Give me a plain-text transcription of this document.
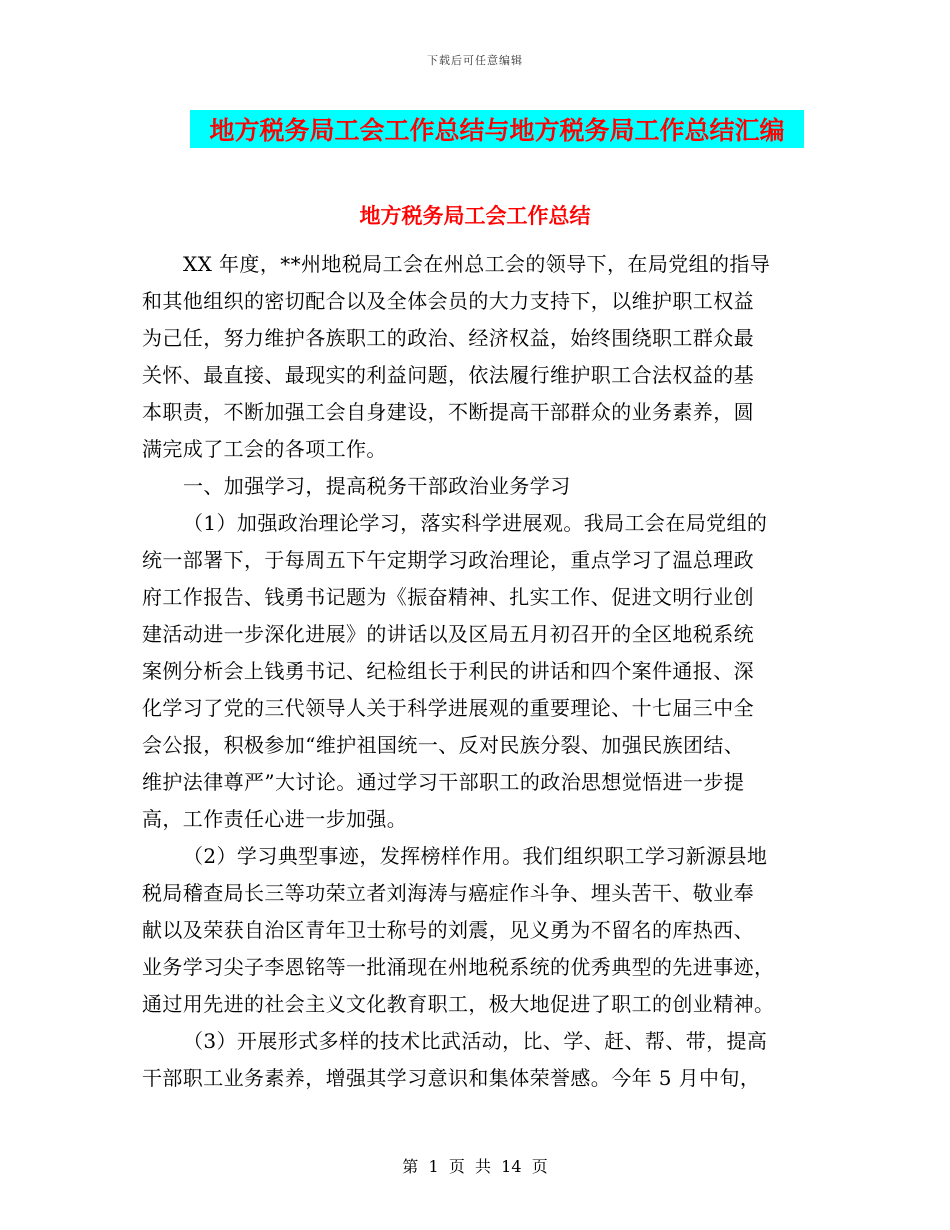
下载后可任意编辑
地方税务局工会工作总结与地方税务局工作总结汇编
地方税务局工会工作总结
XX 年度，**州地税局工会在州总工会的领导下，在局党组的指导
和其他组织的密切配合以及全体会员的大力支持下，以维护职工权益
为己任，努力维护各族职工的政治、经济权益，始终围绕职工群众最
关怀、最直接、最现实的利益问题，依法履行维护职工合法权益的基
本职责，不断加强工会自身建设，不断提高干部群众的业务素养，圆
满完成了工会的各项工作。
一、加强学习，提高税务干部政治业务学习
（1）加强政治理论学习，落实科学进展观。我局工会在局党组的
统一部署下，于每周五下午定期学习政治理论，重点学习了温总理政
府工作报告、钱勇书记题为《振奋精神、扎实工作、促进文明行业创
建活动进一步深化进展》的讲话以及区局五月初召开的全区地税系统
案例分析会上钱勇书记、纪检组长于利民的讲话和四个案件通报、深
化学习了党的三代领导人关于科学进展观的重要理论、十七届三中全
会公报，积极参加“维护祖国统一、反对民族分裂、加强民族团结、
维护法律尊严”大讨论。通过学习干部职工的政治思想觉悟进一步提
高，工作责任心进一步加强。
（2）学习典型事迹，发挥榜样作用。我们组织职工学习新源县地
税局稽查局长三等功荣立者刘海涛与癌症作斗争、埋头苦干、敬业奉
献以及荣获自治区青年卫士称号的刘震，见义勇为不留名的库热西、
业务学习尖子李恩铭等一批涌现在州地税系统的优秀典型的先进事迹，
通过用先进的社会主义文化教育职工，极大地促进了职工的创业精神。
（3）开展形式多样的技术比武活动，比、学、赶、帮、带，提高
干部职工业务素养，增强其学习意识和集体荣誉感。今年 5 月中旬，
第  1  页  共  14  页
